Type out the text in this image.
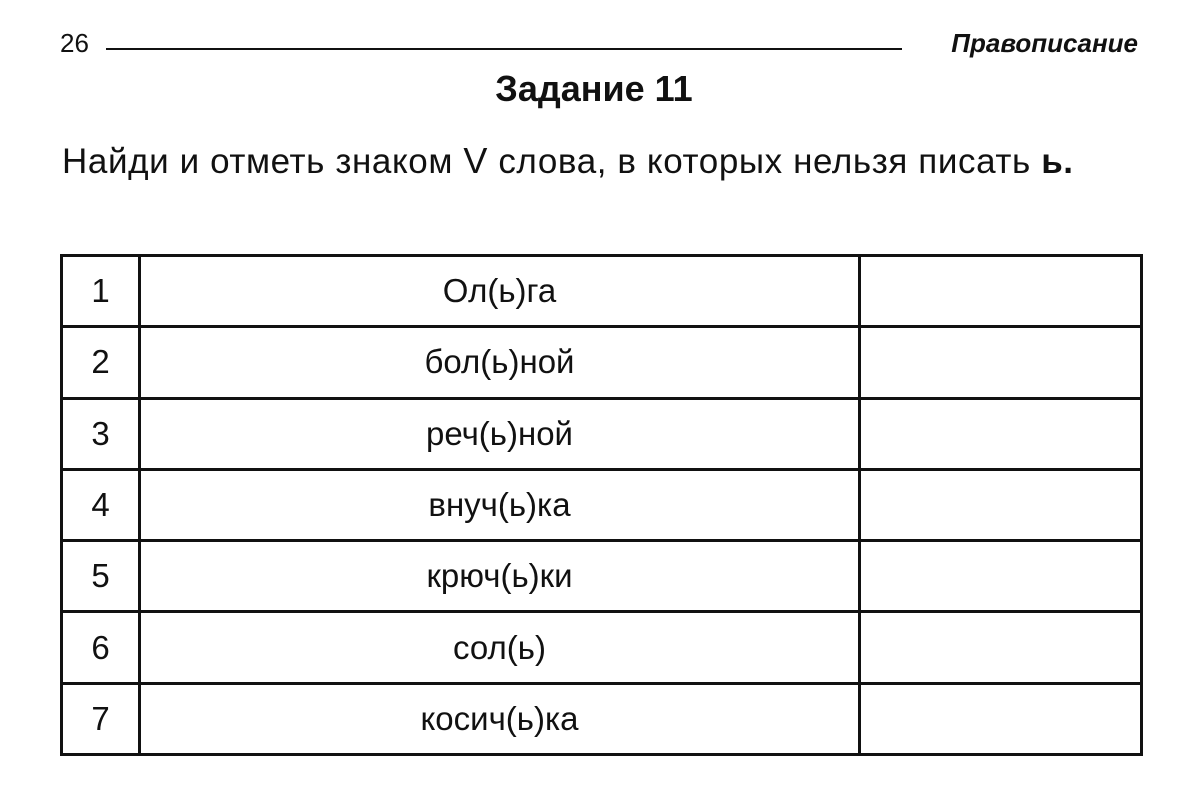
26	Правописание
Задание 11
Найди и отметь знаком V слова, в которых нельзя писать ь.
1	Ол(ь)га	
2	бол(ь)ной	
3	реч(ь)ной	
4	внуч(ь)ка	
5	крюч(ь)ки	
6	сол(ь)	
7	косич(ь)ка	
